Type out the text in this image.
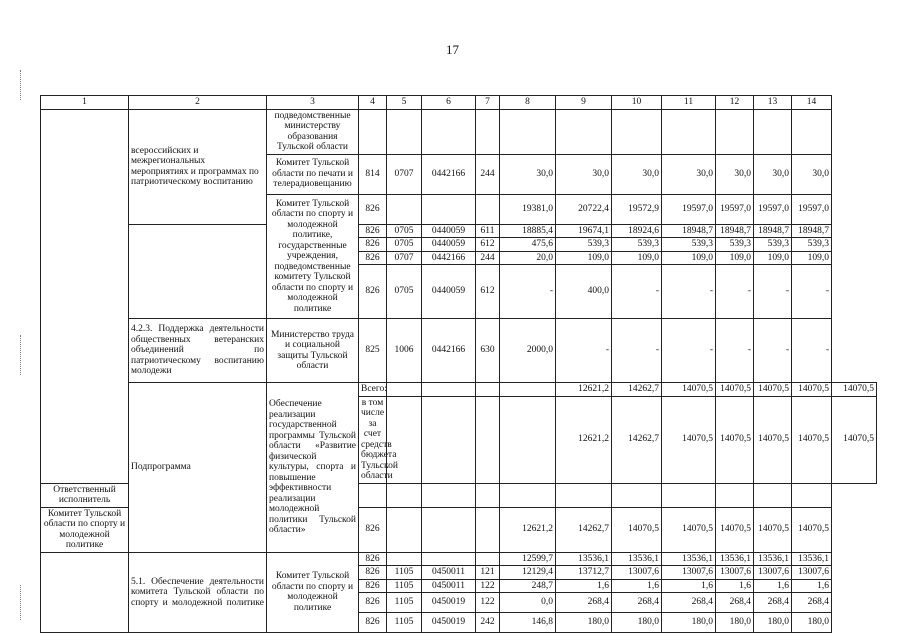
17
1	2	3	4	5	6	7	8	9	10	11	12	13	14	
	всероссийских и межрегиональных мероприятиях и программах по патриотическому воспитанию	подведомственные министерству образования Тульской области												
		Комитет Тульской области по печати и телерадиовещанию	814	0707	0442166	244	30,0	30,0	30,0	30,0	30,0	30,0	30,0	
		Комитет Тульской области по спорту и молодежной политике, государственные учреждения, подведомственные комитету Тульской области по спорту и молодежной политике	826				19381,0	20722,4	19572,9	19597,0	19597,0	19597,0	19597,0	
			826	0705	0440059	611	18885,4	19674,1	18924,6	18948,7	18948,7	18948,7	18948,7	
			826	0705	0440059	612	475,6	539,3	539,3	539,3	539,3	539,3	539,3	
			826	0707	0442166	244	20,0	109,0	109,0	109,0	109,0	109,0	109,0	
			826	0705	0440059	612	-	400,0	-	-	-	-	-	
	4.2.3. Поддержка деятельности общественных ветеранских объединений по патриотическому воспитанию молодежи	Министерство труда и социальной защиты Тульской области	825	1006	0442166	630	2000,0	-	-	-	-	-	-	
	Подпрограмма	Обеспечение реализации государственной программы Тульской области «Развитие физической культуры, спорта и повышение эффективности реализации молодежной политики Тульской области»	Всего:					12621,2	14262,7	14070,5	14070,5	14070,5	14070,5	14070,5
			в том числе за счет средств бюджета Тульской области					12621,2	14262,7	14070,5	14070,5	14070,5	14070,5	14070,5
Ответственный исполнитель														
Комитет Тульской области по спорту и молодежной политике			826				12621,2	14262,7	14070,5	14070,5	14070,5	14070,5	14070,5	
	5.1. Обеспечение деятельности комитета Тульской области по спорту и молодежной политике	Комитет Тульской области по спорту и молодежной политике	826				12599,7	13536,1	13536,1	13536,1	13536,1	13536,1	13536,1	
			826	1105	0450011	121	12129,4	13712,7	13007,6	13007,6	13007,6	13007,6	13007,6	
			826	1105	0450011	122	248,7	1,6	1,6	1,6	1,6	1,6	1,6	
			826	1105	0450019	122	0,0	268,4	268,4	268,4	268,4	268,4	268,4	
			826	1105	0450019	242	146,8	180,0	180,0	180,0	180,0	180,0	180,0	
